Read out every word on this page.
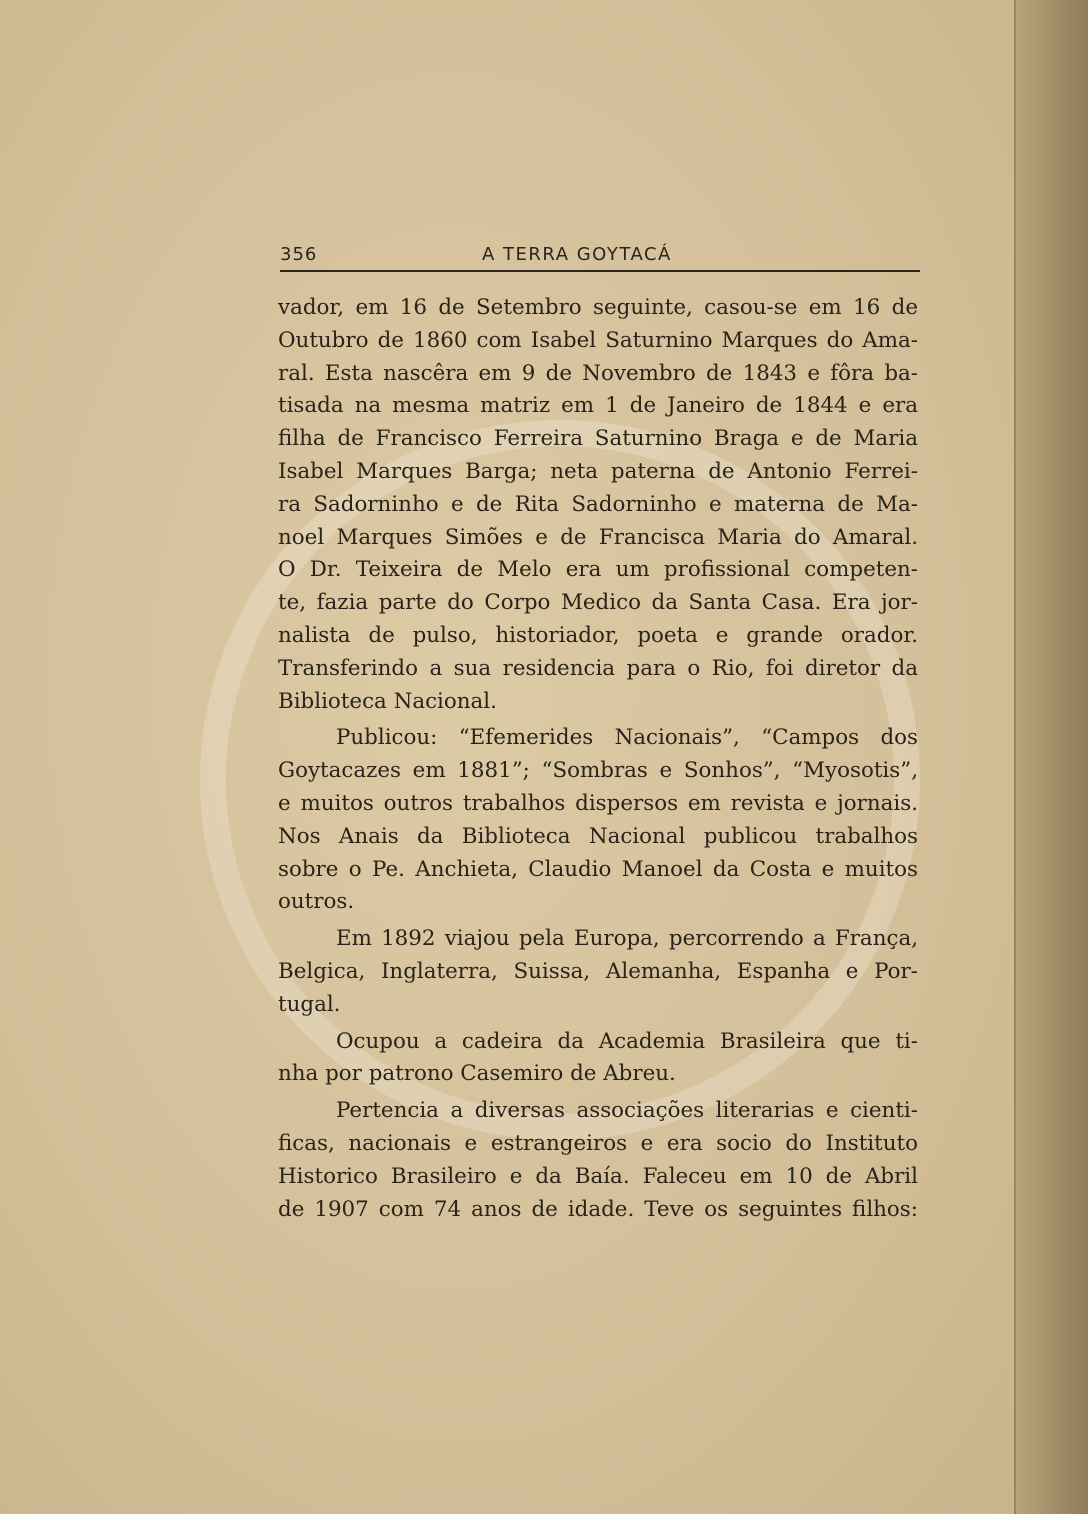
356	A TERRA GOYTACÁ

vador, em 16 de Setembro seguinte, casou-se em 16 de
Outubro de 1860 com Isabel Saturnino Marques do Ama-
ral. Esta nascêra em 9 de Novembro de 1843 e fôra ba-
tisada na mesma matriz em 1 de Janeiro de 1844 e era
filha de Francisco Ferreira Saturnino Braga e de Maria
Isabel Marques Barga; neta paterna de Antonio Ferrei-
ra Sadorninho e de Rita Sadorninho e materna de Ma-
noel Marques Simões e de Francisca Maria do Amaral.
O Dr. Teixeira de Melo era um profissional competen-
te, fazia parte do Corpo Medico da Santa Casa. Era jor-
nalista de pulso, historiador, poeta e grande orador.
Transferindo a sua residencia para o Rio, foi diretor da
Biblioteca Nacional.

Publicou: “Efemerides Nacionais”, “Campos dos
Goytacazes em 1881”; “Sombras e Sonhos”, “Myosotis”,
e muitos outros trabalhos dispersos em revista e jornais.
Nos Anais da Biblioteca Nacional publicou trabalhos
sobre o Pe. Anchieta, Claudio Manoel da Costa e muitos
outros.

Em 1892 viajou pela Europa, percorrendo a França,
Belgica, Inglaterra, Suissa, Alemanha, Espanha e Por-
tugal.

Ocupou a cadeira da Academia Brasileira que ti-
nha por patrono Casemiro de Abreu.

Pertencia a diversas associações literarias e cienti-
ficas, nacionais e estrangeiros e era socio do Instituto
Historico Brasileiro e da Baía. Faleceu em 10 de Abril
de 1907 com 74 anos de idade. Teve os seguintes filhos:
